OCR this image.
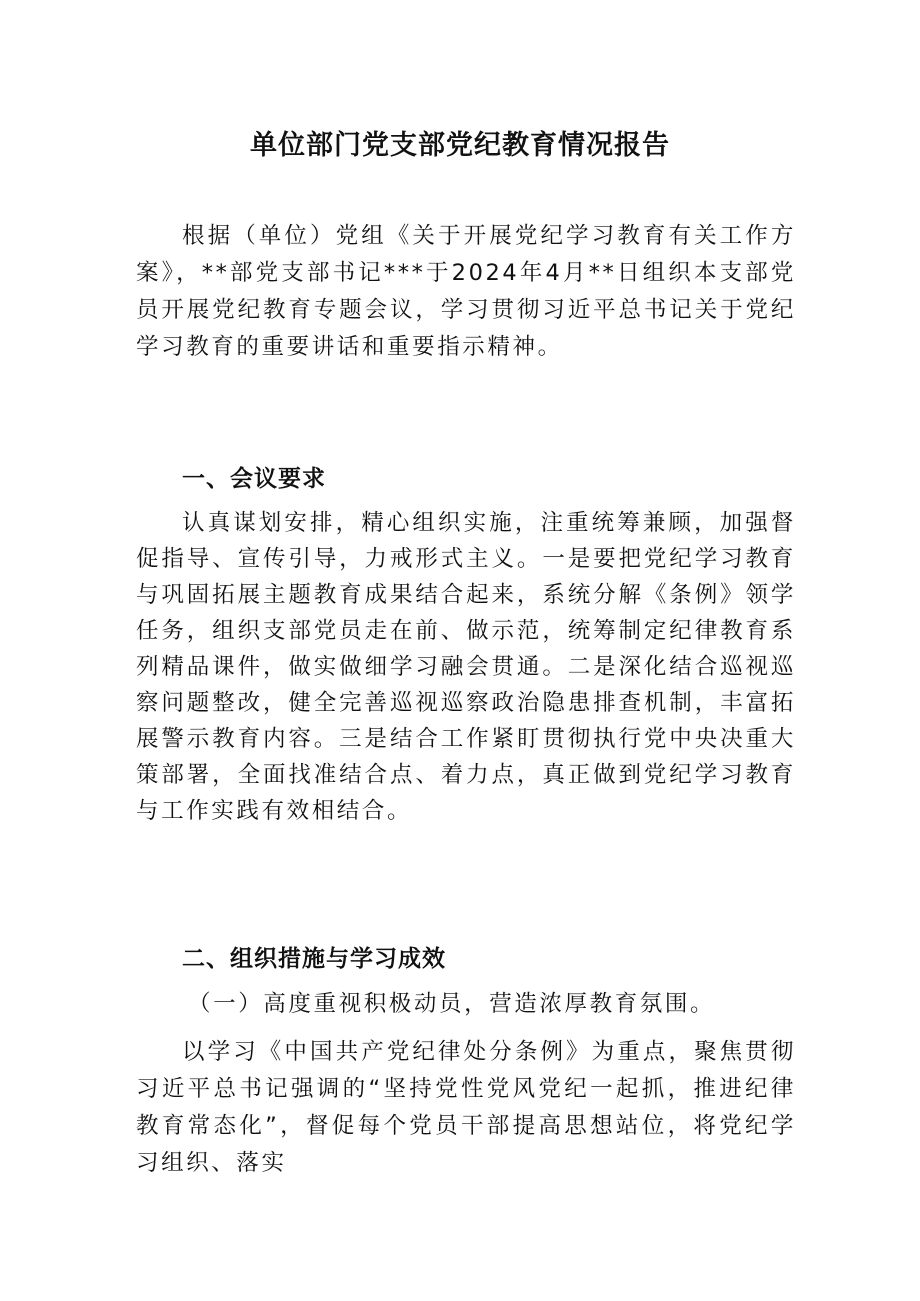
单位部门党支部党纪教育情况报告

根据（单位）党组《关于开展党纪学习教育有关工作方案》，**部党支部书记***于2024年4月**日组织本支部党员开展党纪教育专题会议，学习贯彻习近平总书记关于党纪学习教育的重要讲话和重要指示精神。

一、会议要求

认真谋划安排，精心组织实施，注重统筹兼顾，加强督促指导、宣传引导，力戒形式主义。一是要把党纪学习教育与巩固拓展主题教育成果结合起来，系统分解《条例》领学任务，组织支部党员走在前、做示范，统筹制定纪律教育系列精品课件，做实做细学习融会贯通。二是深化结合巡视巡察问题整改，健全完善巡视巡察政治隐患排查机制，丰富拓展警示教育内容。三是结合工作紧盯贯彻执行党中央决重大策部署，全面找准结合点、着力点，真正做到党纪学习教育与工作实践有效相结合。

二、组织措施与学习成效
（一）高度重视积极动员，营造浓厚教育氛围。

以学习《中国共产党纪律处分条例》为重点，聚焦贯彻习近平总书记强调的“坚持党性党风党纪一起抓，推进纪律教育常态化”，督促每个党员干部提高思想站位，将党纪学习组织、落实
